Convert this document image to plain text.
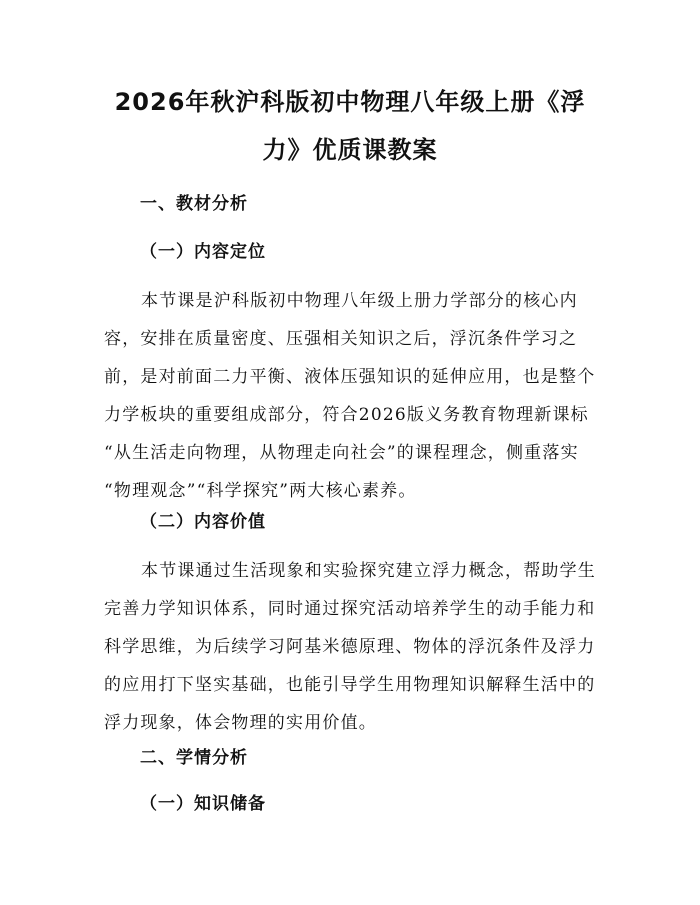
2026年秋沪科版初中物理八年级上册《浮
力》优质课教案
一、教材分析
（一）内容定位
本节课是沪科版初中物理八年级上册力学部分的核心内
容，安排在质量密度、压强相关知识之后，浮沉条件学习之
前，是对前面二力平衡、液体压强知识的延伸应用，也是整个
力学板块的重要组成部分，符合2026版义务教育物理新课标
“从生活走向物理，从物理走向社会”的课程理念，侧重落实
“物理观念”“科学探究”两大核心素养。
（二）内容价值
本节课通过生活现象和实验探究建立浮力概念，帮助学生
完善力学知识体系，同时通过探究活动培养学生的动手能力和
科学思维，为后续学习阿基米德原理、物体的浮沉条件及浮力
的应用打下坚实基础，也能引导学生用物理知识解释生活中的
浮力现象，体会物理的实用价值。
二、学情分析
（一）知识储备
